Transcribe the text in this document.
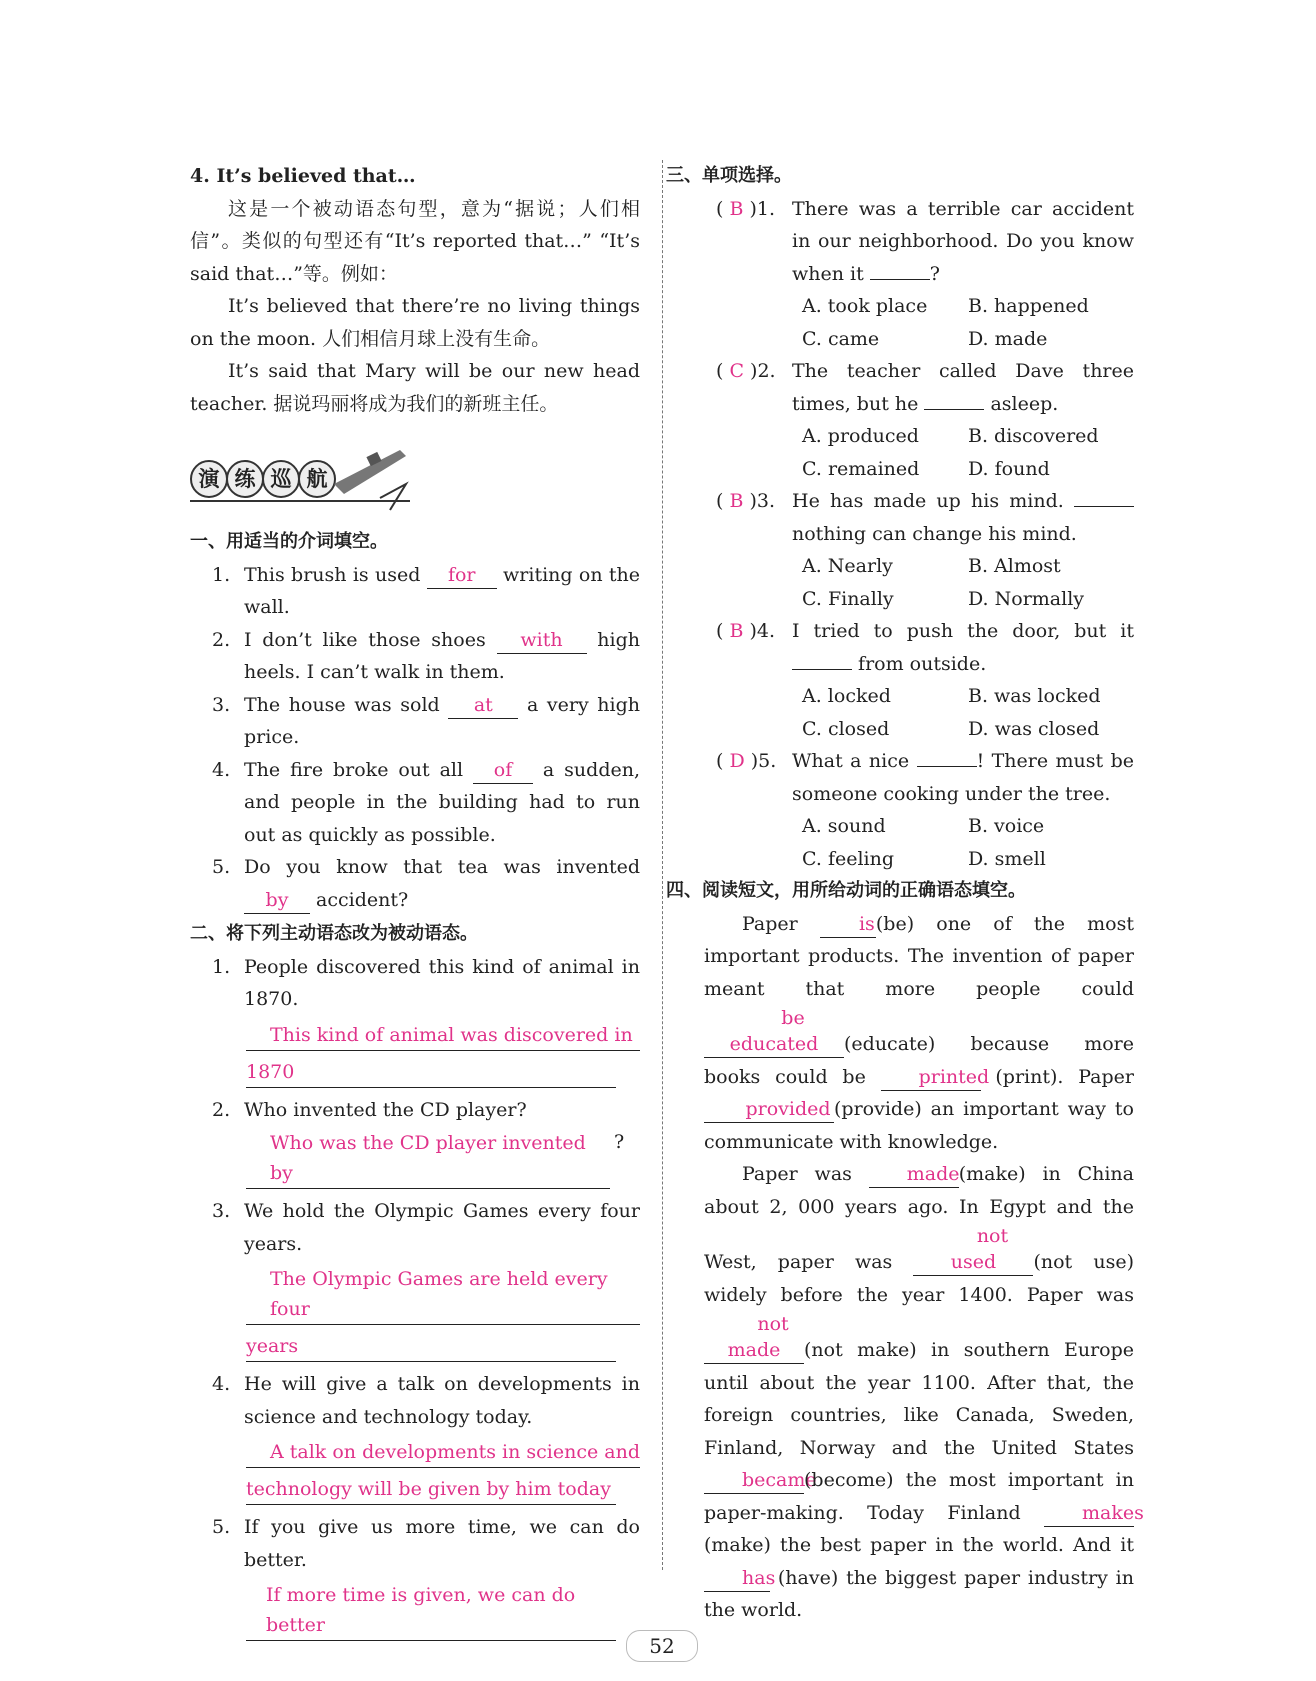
4. It’s believed that…
这是一个被动语态句型，意为“据说；人们相信”。类似的句型还有“It’s reported that…” “It’s said that…”等。例如：
It’s believed that there’re no living things on the moon. 人们相信月球上没有生命。
It’s said that Mary will be our new head teacher. 据说玛丽将成为我们的新班主任。
演 练 巡 航
一、用适当的介词填空。
1. This brush is used for writing on the wall.
2. I don’t like those shoes with high heels. I can’t walk in them.
3. The house was sold at a very high price.
4. The fire broke out all of a sudden, and people in the building had to run out as quickly as possible.
5. Do you know that tea was invented by accident?
二、将下列主动语态改为被动语态。
1. People discovered this kind of animal in 1870.
This kind of animal was discovered in
1870
2. Who invented the CD player?
Who was the CD player invented by
?
3. We hold the Olympic Games every four years.
The Olympic Games are held every four
years
4. He will give a talk on developments in science and technology today.
A talk on developments in science and
technology will be given by him today
5. If you give us more time, we can do better.
If more time is given, we can do better
三、单项选择。
( B )1. There was a terrible car accident in our neighborhood. Do you know when it	?
A. took place	B. happened
C. came	D. made
( C )2. The teacher called Dave three times, but he	asleep.
A. produced	B. discovered
C. remained	D. found
( B )3. He has made up his mind.  nothing can change his mind.
A. Nearly	B. Almost
C. Finally	D. Normally
( B )4. I tried to push the door, but it  from outside.
A. locked	B. was locked
C. closed	D. was closed
( D )5. What a nice	! There must be someone cooking under the tree.
A. sound	B. voice
C. feeling	D. smell
四、阅读短文，用所给动词的正确语态填空。
Paper	is(be) one of the most important products. The invention of paper meant that more people could be educated (educate) because more books could be	printed (print). Paper provided (provide) an important way to communicate with knowledge.
Paper was	made(make) in China about 2, 000 years ago. In Egypt and the West, paper was not used (not use) widely before the year 1400. Paper was not made (not make) in southern Europe until about the year 1100. After that, the foreign countries, like Canada, Sweden, Finland, Norway and the United States became(become) the most important in paper-making. Today Finland	makes(make) the best paper in the world. And it has (have) the biggest paper industry in the world.
52
